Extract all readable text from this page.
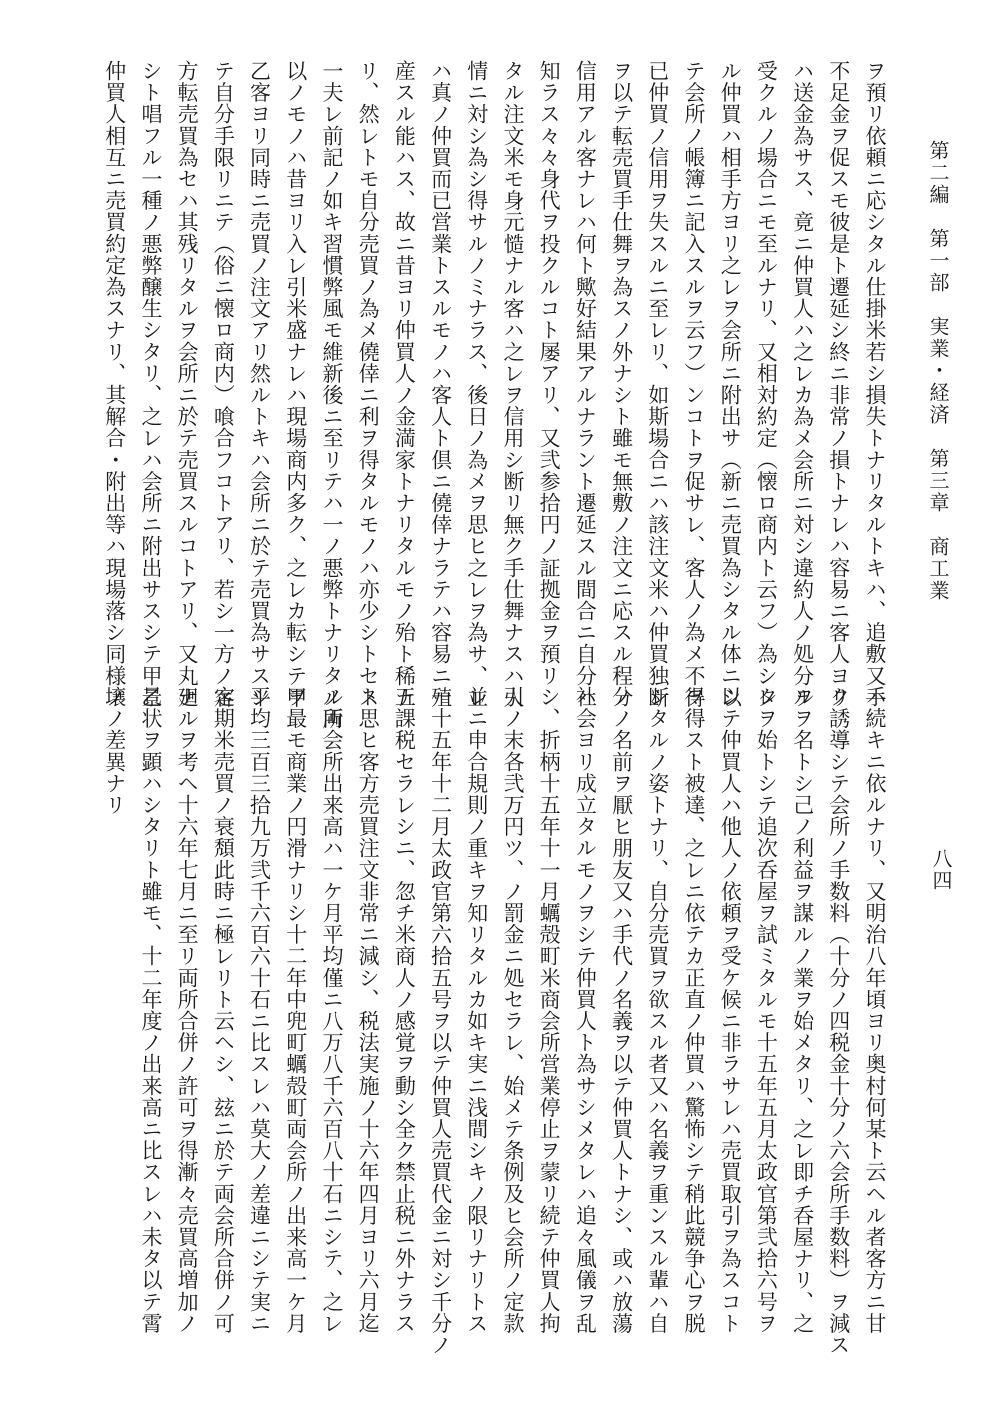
第二編　第一部　実業・経済　第三章　商工業
八四
ヲ預リ依頼ニ応シタル仕掛米若シ損失トナリタルトキハ、追敷又ハ
不足金ヲ促スモ彼是ト遷延シ終ニ非常ノ損トナレハ容易ニ客人ヨリ
ハ送金為サス、竟ニ仲買人ハ之レカ為メ会所ニ対シ違約人ノ処分ヲ
受クルノ場合ニモ至ルナリ、又相対約定（懐ロ商内ト云フ）為シタ
ル仲買ハ相手方ヨリ之レヲ会所ニ附出サ（新ニ売買為シタル体ニシ
テ会所ノ帳簿ニ記入スルヲ云フ）ンコトヲ促サレ、客人ノ為メ不得
已仲買ノ信用ヲ失スルニ至レリ、如斯場合ニハ該注文米ハ仲買独断
ヲ以テ転売買手仕舞ヲ為スノ外ナシト雖モ無敷ノ注文ニ応スル程ノ
信用アル客ナレハ何ト歟好結果アルナラント遷延スル間合ニ自分ハ
知ラス々々身代ヲ投クルコト屡アリ、又弐参拾円ノ証拠金ヲ預リ
タル注文米モ身元慥ナル客ハ之レヲ信用シ断リ無ク手仕舞ナスハ人
情ニ対シ為シ得サルノミナラス、後日ノ為メヲ思ヒ之レヲ為サ、レ
ハ真ノ仲買而已営業トスルモノハ客人ト倶ニ僥倖ナラテハ容易ニ殖
産スル能ハス、故ニ昔ヨリ仲買人ノ金満家トナリタルモノ殆ト稀ナ
リ、然レトモ自分売買ノ為メ僥倖ニ利ヲ得タルモノハ亦少シトセス
一夫レ前記ノ如キ習慣弊風モ維新後ニ至リテハ一ノ悪弊トナリタル所
以ノモノハ昔ヨリ入レ引米盛ナレハ現場商内多ク、之レカ転シテ甲
乙客ヨリ同時ニ売買ノ注文アリ然ルトキハ会所ニ於テ売買為サスシ
テ自分手限リニテ（俗ニ懐ロ商内）喰合フコトアリ、若シ一方ノ客
方転売買為セハ其残リタルヲ会所ニ於テ売買スルコトアリ、又丸廻
シト唱フル一種ノ悪弊醸生シタリ、之レハ会所ニ附出サスシテ甲乙
仲買人相互ニ売買約定為スナリ、其解合・附出等ハ現場落シ同様ノ
手続キニ依ルナリ、又明治八年頃ヨリ奥村何某ト云ヘル者客方ニ甘
ク誘導シテ会所ノ手数料（十分ノ四税金十分ノ六会所手数料）ヲ減ス
ルヲ名トシ己ノ利益ヲ謀ルノ業ヲ始メタリ、之レ即チ呑屋ナリ、之
レヲ始トシテ追次呑屋ヲ試ミタルモ十五年五月太政官第弐拾六号ヲ
以テ仲買人ハ他人ノ依頼ヲ受ケ候ニ非ラサレハ売買取引ヲ為スコト
ヲ得スト被達、之レニ依テカ正直ノ仲買ハ驚怖シテ稍此競争心ヲ脱
シタルノ姿トナリ、自分売買ヲ欲スル者又ハ名義ヲ重ンスル輩ハ自
分ノ名前ヲ厭ヒ朋友又ハ手代ノ名義ヲ以テ仲買人トナシ、或ハ放蕩
社会ヨリ成立タルモノヲシテ仲買人ト為サシメタレハ追々風儀ヲ乱
シ、折柄十五年十一月蠣殻町米商会所営業停止ヲ蒙リ続テ仲買人拘
引ノ末各弐万円ツ、ノ罰金ニ処セラレ、始メテ条例及ヒ会所ノ定款
並ニ申合規則ノ重キヲ知リタルカ如キ実ニ浅間シキノ限リナリトス
一十五年十二月太政官第六拾五号ヲ以テ仲買人売買代金ニ対シ千分ノ
五課税セラレシニ、忽チ米商人ノ感覚ヲ動シ全ク禁止税ニ外ナラス
ト思ヒ客方売買注文非常ニ減シ、税法実施ノ十六年四月ヨリ六月迄
ノ両会所出来高ハ一ケ月平均僅ニ八万八千六百八十石ニシテ、之レ
ヲ最モ商業ノ円滑ナリシ十二年中兜町蠣殻町両会所ノ出来高一ケ月
平均三百三拾九万弐千六百六十石ニ比スレハ莫大ノ差違ニシテ実ニ
定期米売買ノ衰頽此時ニ極レリト云ヘシ、玆ニ於テ両会所合併ノ可
ナルヲ考ヘ十六年七月ニ至リ両所合併ノ許可ヲ得漸々売買高増加ノ
景状ヲ顕ハシタリト雖モ、十二年度ノ出来高ニ比スレハ未タ以テ霄
壌ノ差異ナリ
